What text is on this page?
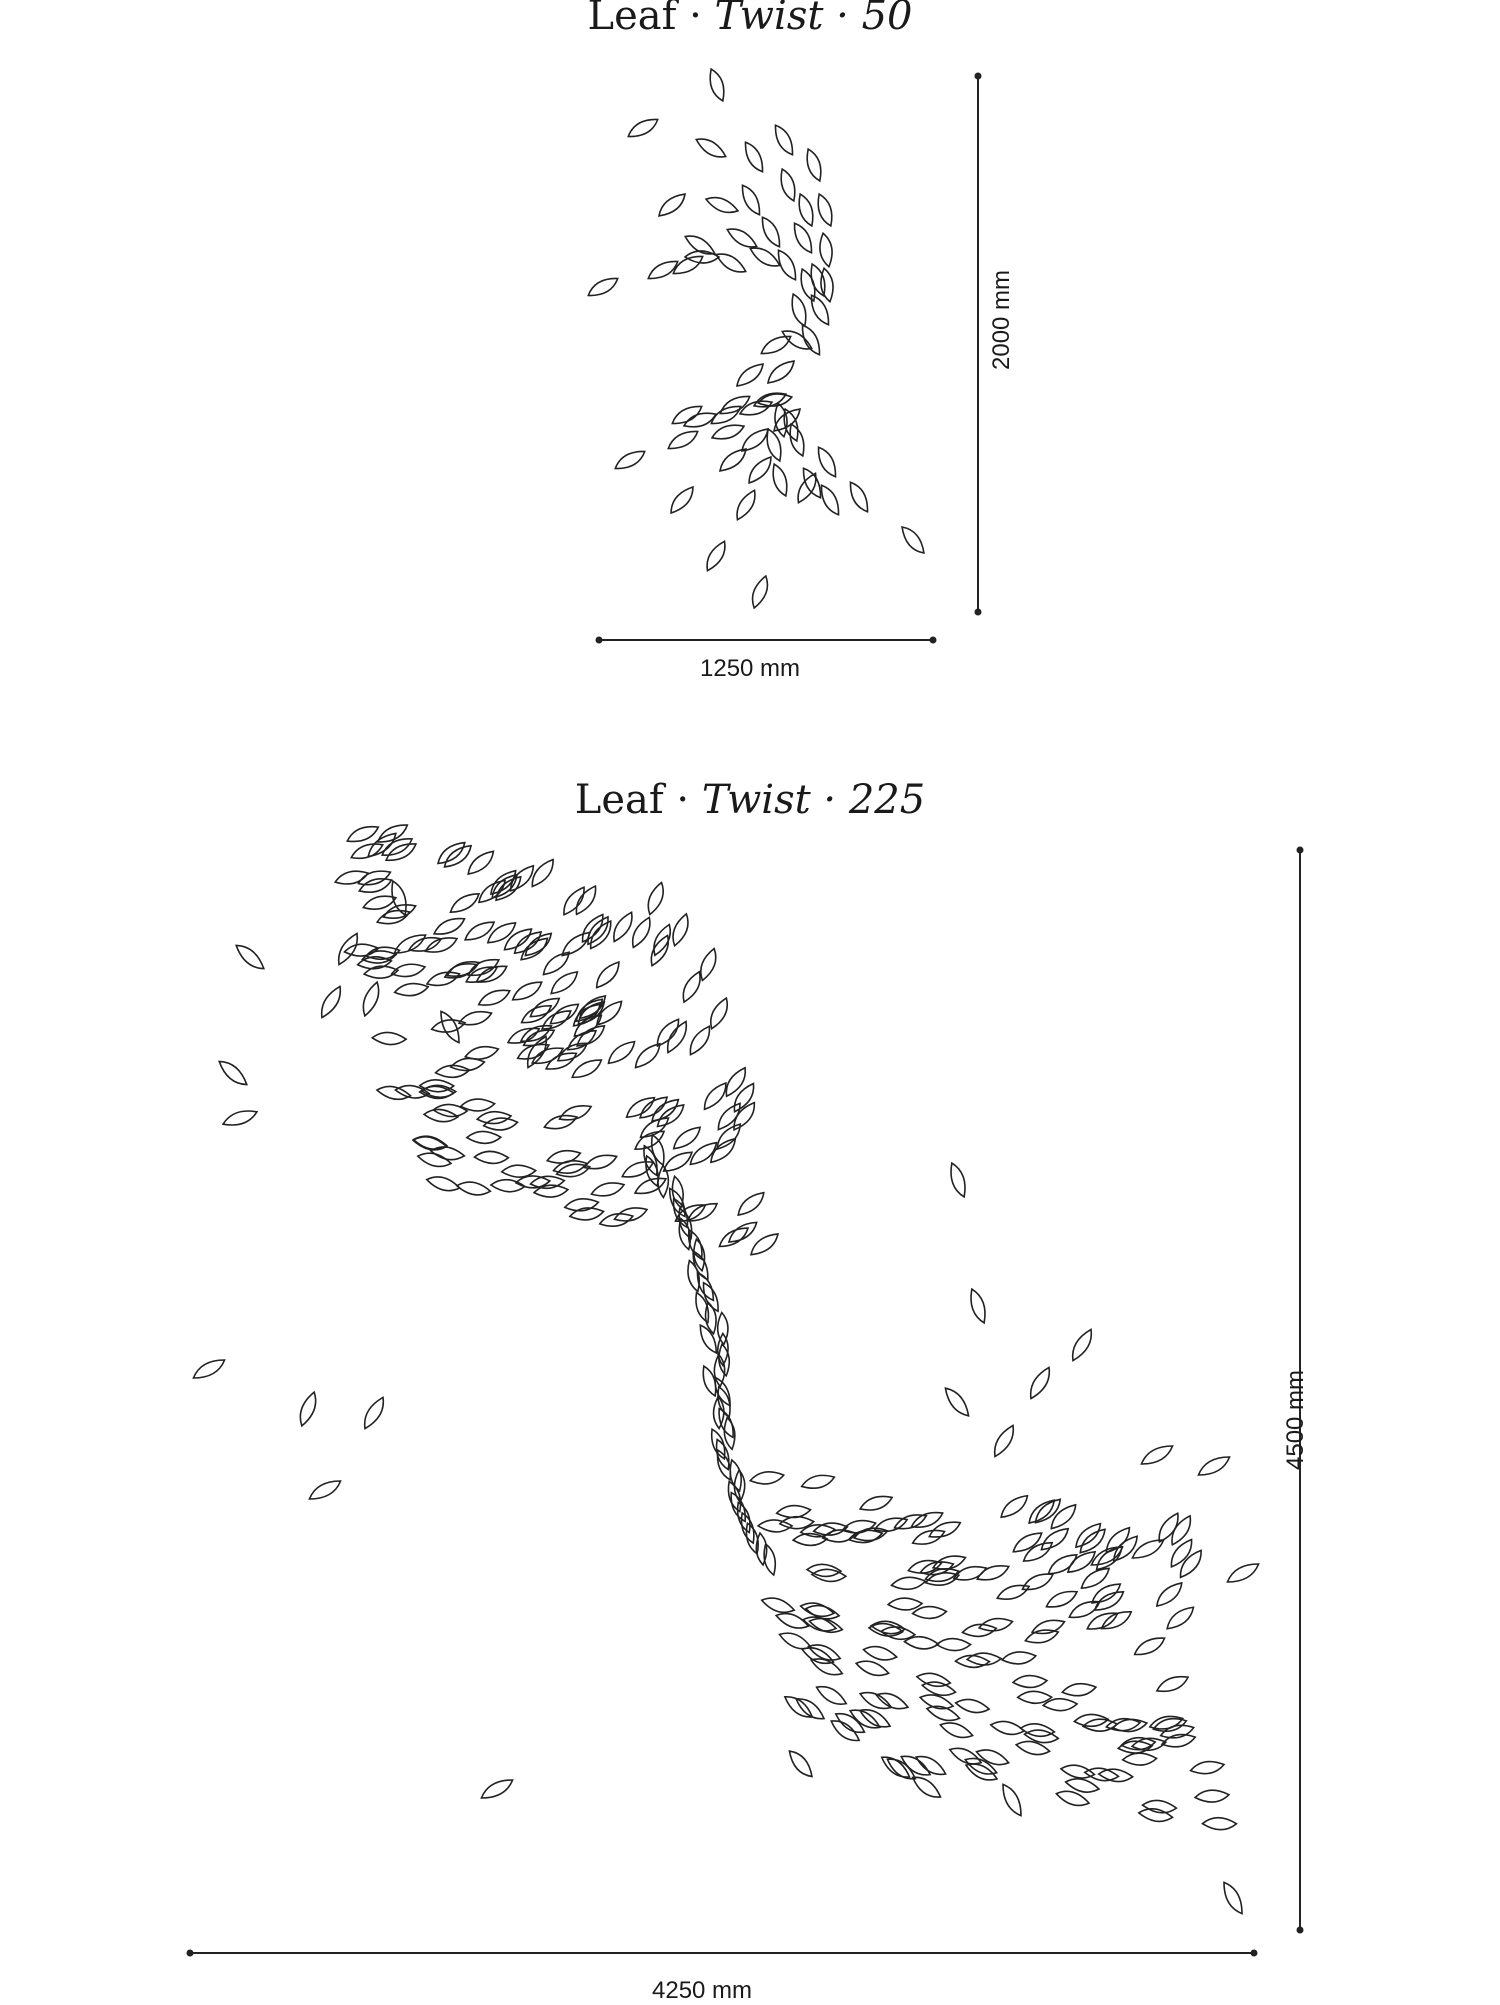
Leaf · Twist · 50
Leaf · Twist · 225
1250 mm
2000 mm
4250 mm
4500 mm
